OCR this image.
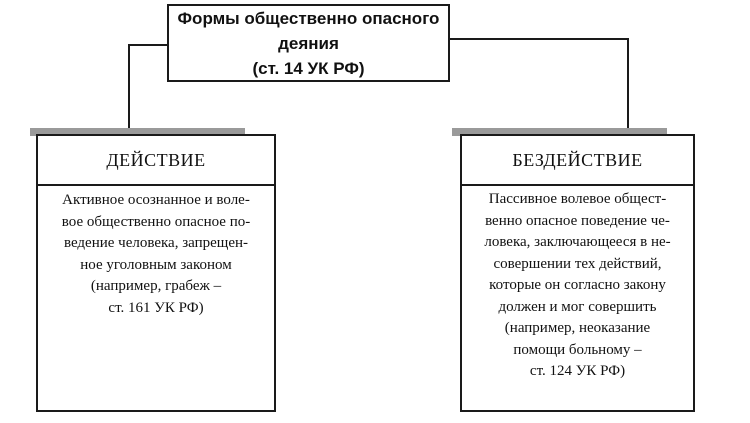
Формы общественно опасного деяния
(ст. 14 УК РФ)
ДЕЙСТВИЕ
Активное осознанное и воле-
вое общественно опасное по-
ведение человека, запрещен-
ное уголовным законом
(например, грабеж –
ст. 161 УК РФ)
БЕЗДЕЙСТВИЕ
Пассивное волевое общест-
венно опасное поведение че-
ловека, заключающееся в не-
совершении тех действий,
которые он согласно закону
должен и мог совершить
(например, неоказание
помощи больному –
ст. 124 УК РФ)
